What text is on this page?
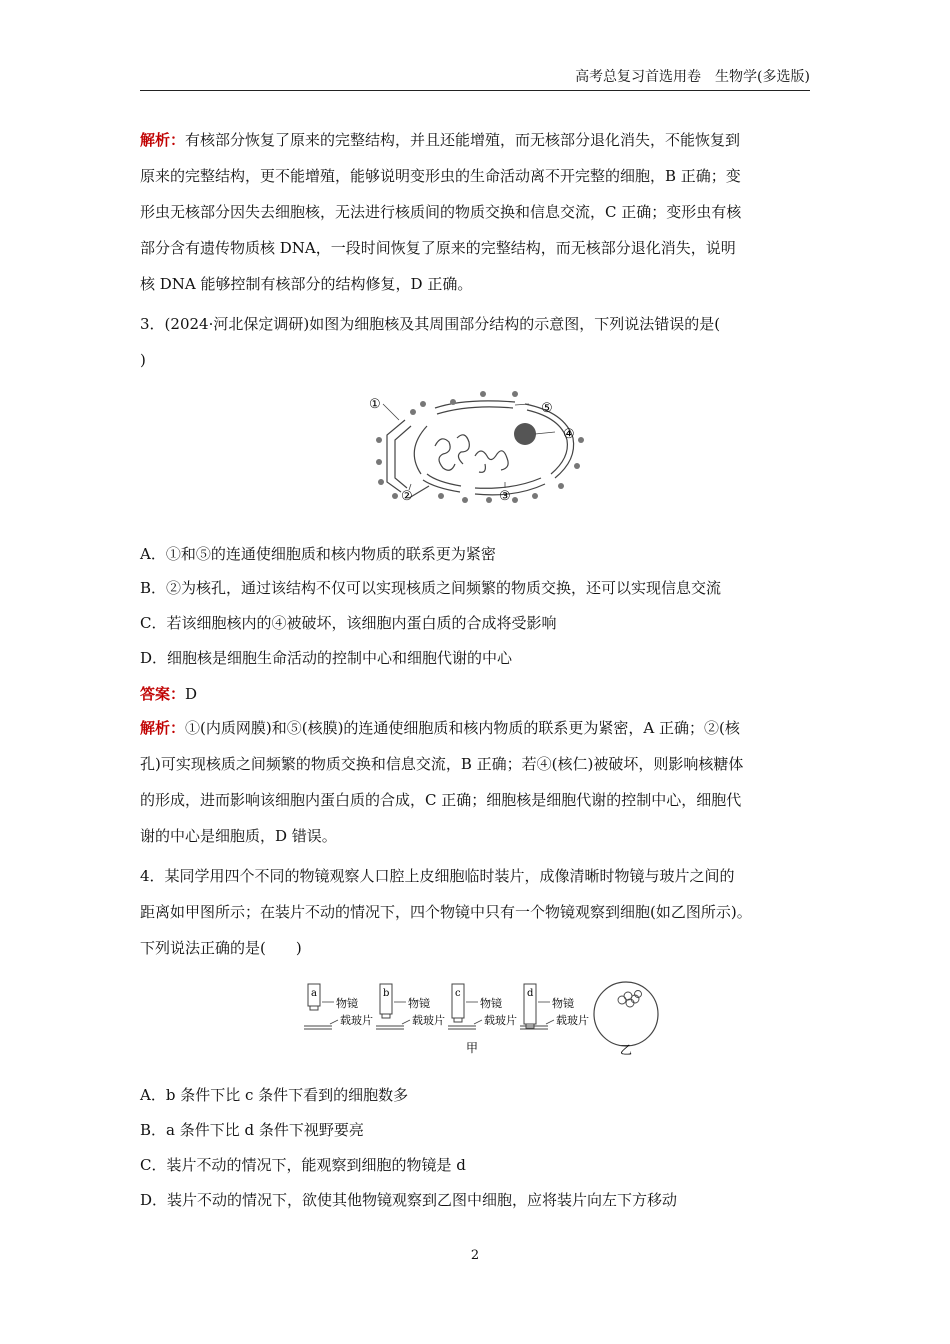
高考总复习首选用卷　生物学(多选版)
解析：有核部分恢复了原来的完整结构，并且还能增殖，而无核部分退化消失，不能恢复到
原来的完整结构，更不能增殖，能够说明变形虫的生命活动离不开完整的细胞，B 正确；变
形虫无核部分因失去细胞核，无法进行核质间的物质交换和信息交流，C 正确；变形虫有核
部分含有遗传物质核 DNA，一段时间恢复了原来的完整结构，而无核部分退化消失，说明
核 DNA 能够控制有核部分的结构修复，D 正确。
3．(2024·河北保定调研)如图为细胞核及其周围部分结构的示意图，下列说法错误的是(
)
①
②	③
④
⑤
A．①和⑤的连通使细胞质和核内物质的联系更为紧密
B．②为核孔，通过该结构不仅可以实现核质之间频繁的物质交换，还可以实现信息交流
C．若该细胞核内的④被破坏，该细胞内蛋白质的合成将受影响
D．细胞核是细胞生命活动的控制中心和细胞代谢的中心
答案：D
解析：①(内质网膜)和⑤(核膜)的连通使细胞质和核内物质的联系更为紧密，A 正确；②(核
孔)可实现核质之间频繁的物质交换和信息交流，B 正确；若④(核仁)被破坏，则影响核糖体
的形成，进而影响该细胞内蛋白质的合成，C 正确；细胞核是细胞代谢的控制中心，细胞代
谢的中心是细胞质，D 错误。
4．某同学用四个不同的物镜观察人口腔上皮细胞临时装片，成像清晰时物镜与玻片之间的
距离如甲图所示；在装片不动的情况下，四个物镜中只有一个物镜观察到细胞(如乙图所示)。
下列说法正确的是(　　)
a
物镜
载玻片
b
物镜
载玻片
c
物镜
载玻片
d
物镜
载玻片
甲	乙
A．b 条件下比 c 条件下看到的细胞数多
B．a 条件下比 d 条件下视野要亮
C．装片不动的情况下，能观察到细胞的物镜是 d
D．装片不动的情况下，欲使其他物镜观察到乙图中细胞，应将装片向左下方移动
2
